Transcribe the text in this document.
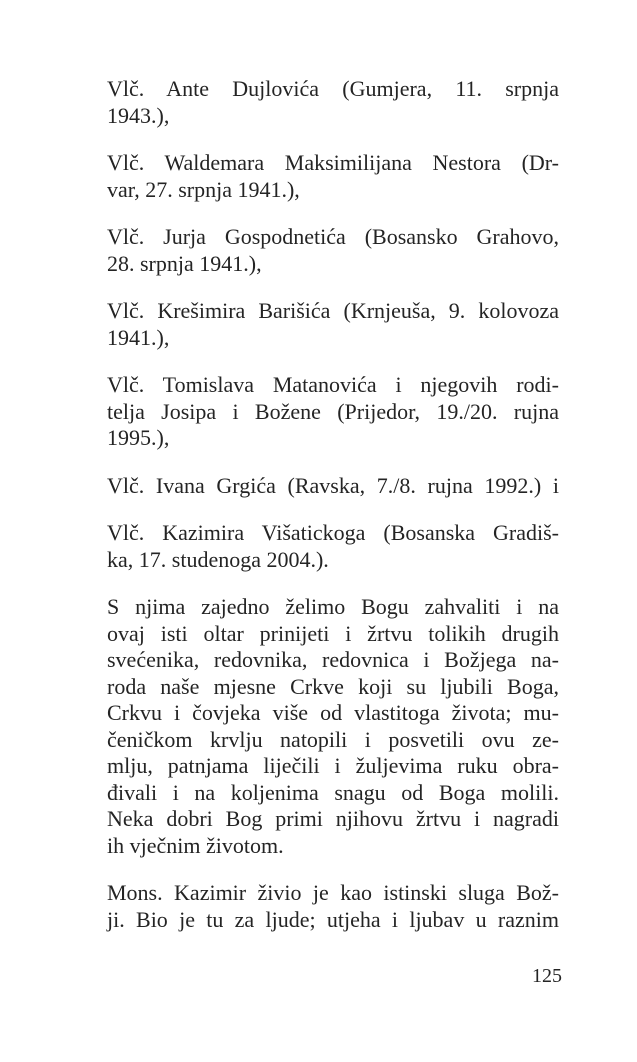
Vlč. Ante Dujlovića (Gumjera, 11. srpnja
1943.),
Vlč. Waldemara Maksimilijana Nestora (Dr-
var, 27. srpnja 1941.),
Vlč. Jurja Gospodnetića (Bosansko Grahovo,
28. srpnja 1941.),
Vlč. Krešimira Barišića (Krnjeuša, 9. kolovoza
1941.),
Vlč. Tomislava Matanovića i njegovih rodi-
telja Josipa i Božene (Prijedor, 19./20. rujna
1995.),
Vlč. Ivana Grgića (Ravska, 7./8. rujna 1992.) i
Vlč. Kazimira Višatickoga (Bosanska Gradiš-
ka, 17. studenoga 2004.).
S njima zajedno želimo Bogu zahvaliti i na
ovaj isti oltar prinijeti i žrtvu tolikih drugih
svećenika, redovnika, redovnica i Božjega na-
roda naše mjesne Crkve koji su ljubili Boga,
Crkvu i čovjeka više od vlastitoga života; mu-
čeničkom krvlju natopili i posvetili ovu ze-
mlju, patnjama liječili i žuljevima ruku obra-
đivali i na koljenima snagu od Boga molili.
Neka dobri Bog primi njihovu žrtvu i nagradi
ih vječnim životom.
Mons. Kazimir živio je kao istinski sluga Bož-
ji. Bio je tu za ljude; utjeha i ljubav u raznim
125
